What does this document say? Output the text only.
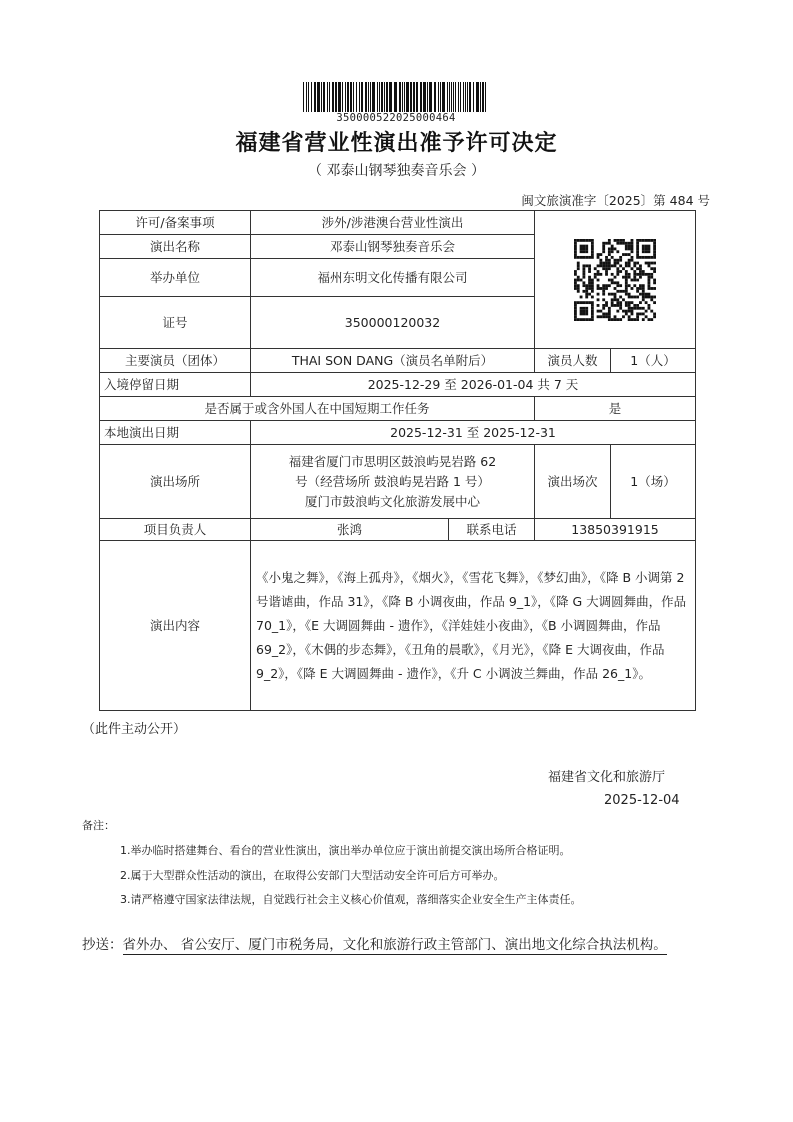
350000522025000464
福建省营业性演出准予许可决定
（ 邓泰山钢琴独奏音乐会 ）
闽文旅演准字〔2025〕第 484 号
许可/备案事项	涉外/涉港澳台营业性演出	

演出名称	邓泰山钢琴独奏音乐会			
举办单位	福州东明文化传播有限公司			
证号	350000120032			
主要演员（团体）	THAI SON DANG（演员名单附后）		演员人数	1（人）
入境停留日期	2025-12-29 至 2026-01-04 共 7 天			
是否属于或含外国人在中国短期工作任务			是	
本地演出日期	2025-12-31 至 2025-12-31			
演出场所	福建省厦门市思明区鼓浪屿晃岩路 62
号（经营场所 鼓浪屿晃岩路 1 号）
厦门市鼓浪屿文化旅游发展中心		演出场次	1（场）
项目负责人	张鸿	联系电话	13850391915	
演出内容	《小鬼之舞》，《海上孤舟》，《烟火》，《雪花飞舞》，《梦幻曲》，《降 B 小调第 2 号谐谑曲，作品 31》，《降 B 小调夜曲，作品 9_1》，《降 G 大调圆舞曲，作品 70_1》，《E 大调圆舞曲 - 遗作》，《洋娃娃小夜曲》，《B 小调圆舞曲，作品 69_2》，《木偶的步态舞》，《丑角的晨歌》，《月光》，《降 E 大调夜曲，作品 9_2》，《降 E 大调圆舞曲 - 遗作》，《升 C 小调波兰舞曲，作品 26_1》。			
（此件主动公开）
福建省文化和旅游厅
2025-12-04
备注：
1.举办临时搭建舞台、看台的营业性演出，演出举办单位应于演出前提交演出场所合格证明。
2.属于大型群众性活动的演出，在取得公安部门大型活动安全许可后方可举办。
3.请严格遵守国家法律法规，自觉践行社会主义核心价值观，落细落实企业安全生产主体责任。
抄送：省外办、 省公安厅、厦门市税务局，文化和旅游行政主管部门、演出地文化综合执法机构。
